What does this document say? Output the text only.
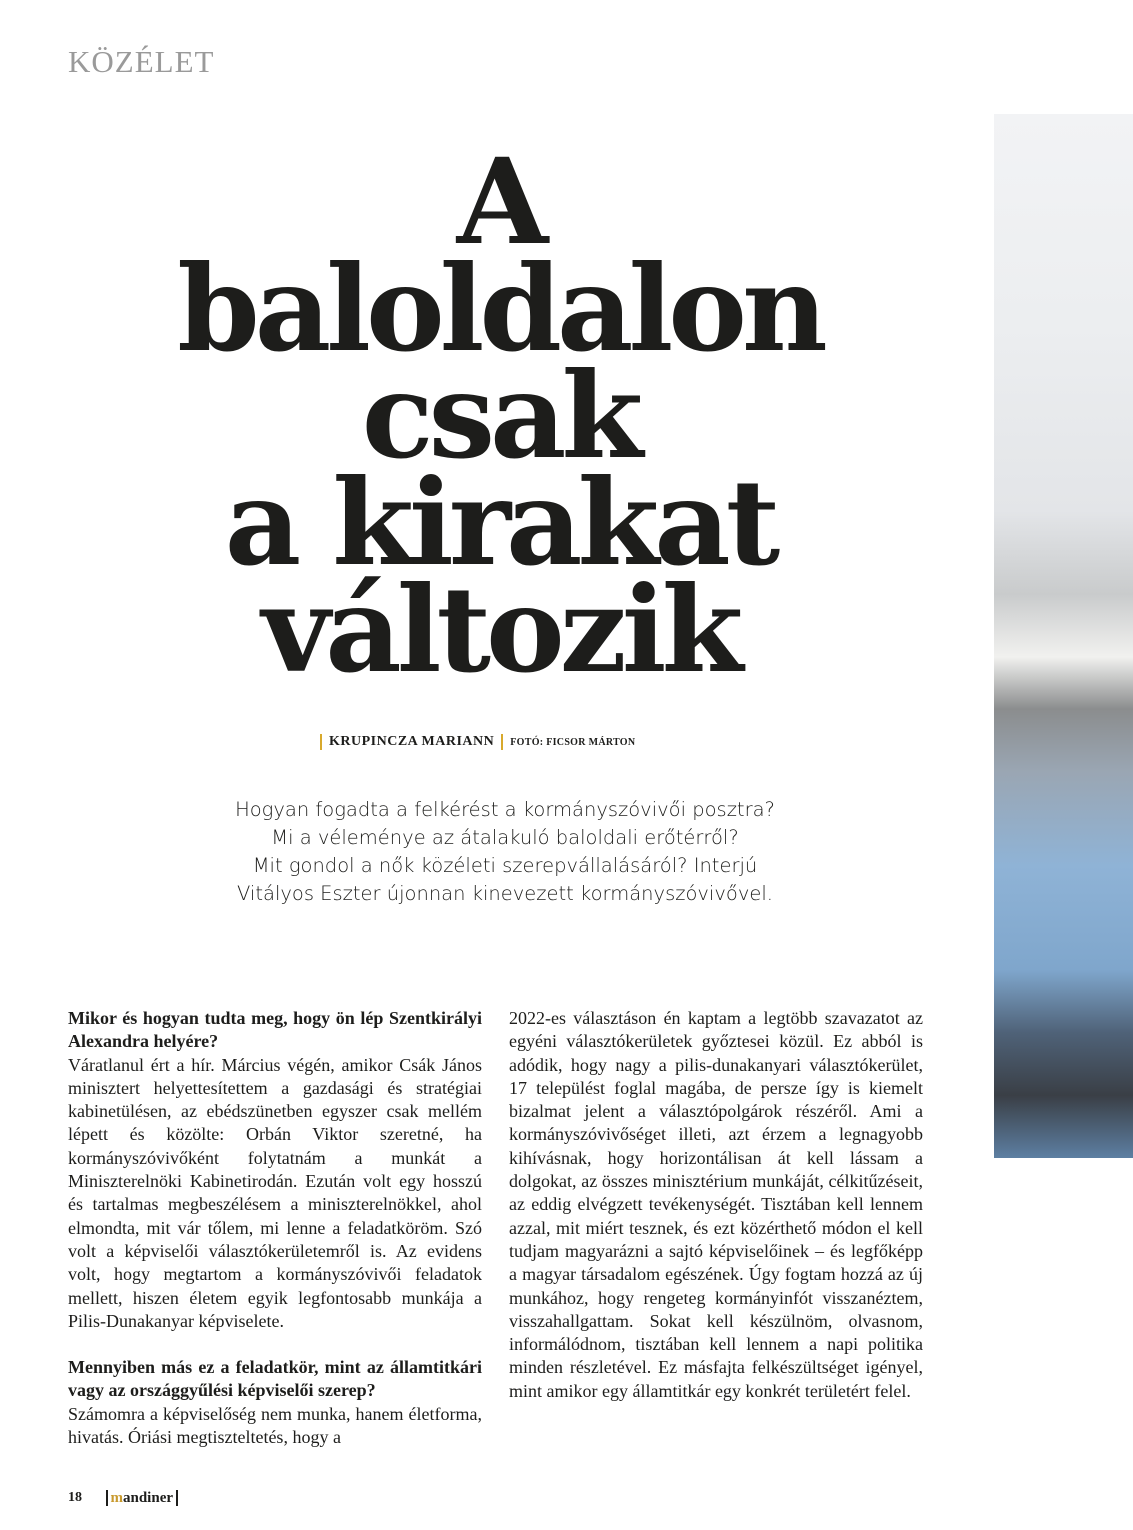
KÖZÉLET
A
baloldalon
csak
a kirakat
változik
KRUPINCZA MARIANN FOTÓ: FICSOR MÁRTON
Hogyan fogadta a felkérést a kormányszóvivői posztra?
Mi a véleménye az átalakuló baloldali erőtérről?
Mit gondol a nők közéleti szerepvállalásáról? Interjú
Vitályos Eszter újonnan kinevezett kormányszóvivővel.

Mikor és hogyan tudta meg, hogy ön lép Szentkirályi Alexandra helyére?

Váratlanul ért a hír. Március végén, amikor Csák János minisztert helyettesítettem a gazdasági és stratégiai kabinetülésen, az ebédszünetben egyszer csak mellém lépett és közölte: Orbán Viktor szeretné, ha kormányszóvivőként folytatnám a munkát a Miniszterelnöki Kabinetirodán. Ezután volt egy hosszú és tartalmas megbeszélésem a miniszterelnökkel, ahol elmondta, mit vár tőlem, mi lenne a feladatköröm. Szó volt a képviselői választókerületemről is. Az evidens volt, hogy megtartom a kormányszóvivői feladatok mellett, hiszen életem egyik legfontosabb munkája a Pilis-Dunakanyar képviselete.

Mennyiben más ez a feladatkör, mint az államtitkári vagy az országgyűlési képviselői szerep?

Számomra a képviselőség nem munka, hanem életforma, hivatás. Óriási megtiszteltetés, hogy a

2022-es választáson én kaptam a legtöbb szavazatot az egyéni választókerületek győztesei közül. Ez abból is adódik, hogy nagy a pilis-dunakanyari választókerület, 17 települést foglal magába, de persze így is kiemelt bizalmat jelent a választópolgárok részéről. Ami a kormányszóvivőséget illeti, azt érzem a legnagyobb kihívásnak, hogy horizontálisan át kell lássam a dolgokat, az összes minisztérium munkáját, célkitűzéseit, az eddig elvégzett tevékenységét. Tisztában kell lennem azzal, mit miért tesznek, és ezt közérthető módon el kell tudjam magyarázni a sajtó képviselőinek – és legfőképp a magyar társadalom egészének. Úgy fogtam hozzá az új munkához, hogy rengeteg kormányinfót visszanéztem, visszahallgattam. Sokat kell készülnöm, olvasnom, informálódnom, tisztában kell lennem a napi politika minden részletével. Ez másfajta felkészültséget igényel, mint amikor egy államtitkár egy konkrét területért felel.

18 mandiner
